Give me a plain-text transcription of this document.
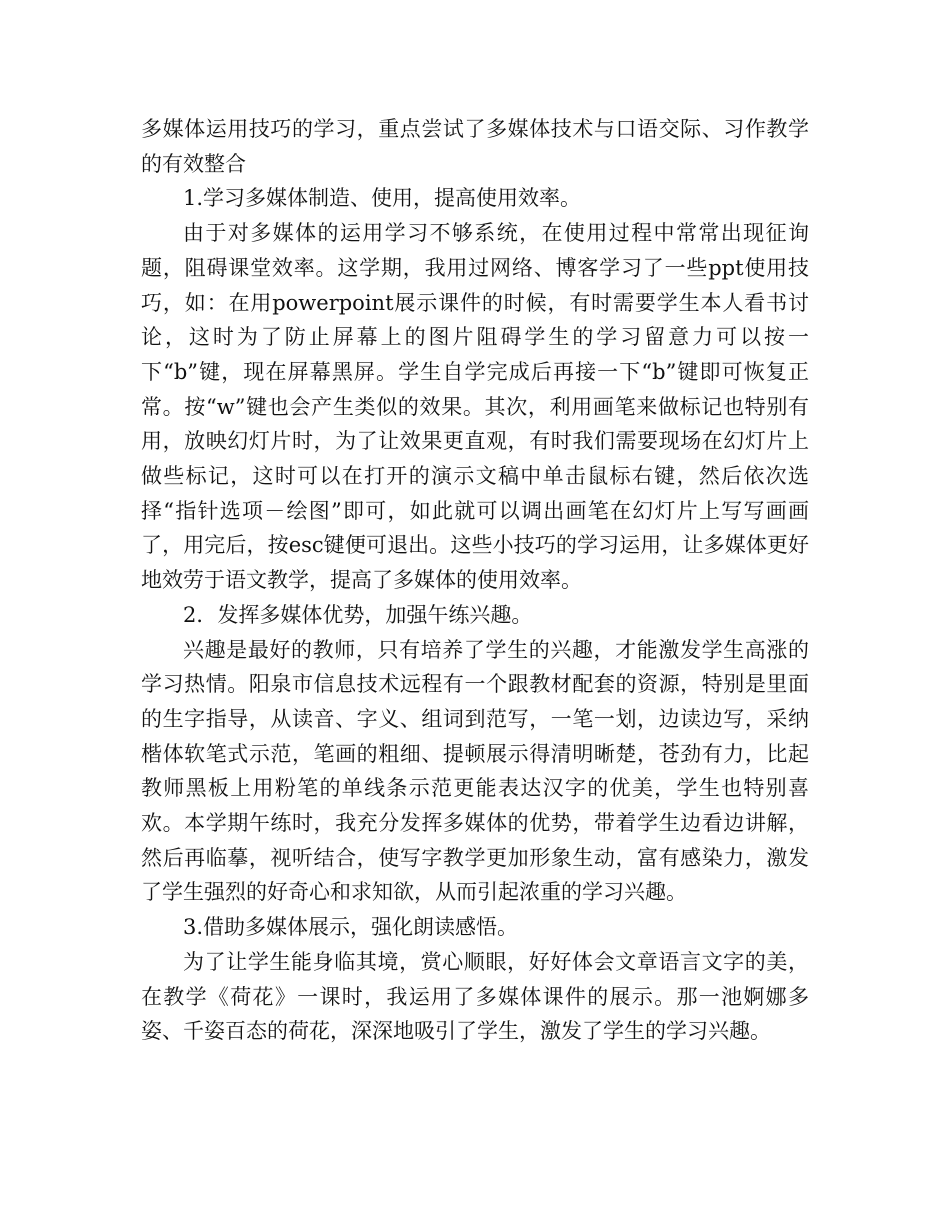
多媒体运用技巧的学习，重点尝试了多媒体技术与口语交际、习作教学的有效整合

1.学习多媒体制造、使用，提高使用效率。

由于对多媒体的运用学习不够系统，在使用过程中常常出现征询题，阻碍课堂效率。这学期，我用过网络、博客学习了一些ppt使用技巧，如：在用powerpoint展示课件的时候，有时需要学生本人看书讨论，这时为了防止屏幕上的图片阻碍学生的学习留意力可以按一下“b”键，现在屏幕黑屏。学生自学完成后再接一下“b”键即可恢复正常。按“w”键也会产生类似的效果。其次，利用画笔来做标记也特别有用，放映幻灯片时，为了让效果更直观，有时我们需要现场在幻灯片上做些标记，这时可以在打开的演示文稿中单击鼠标右键，然后依次选择“指针选项－绘图”即可，如此就可以调出画笔在幻灯片上写写画画了，用完后，按esc键便可退出。这些小技巧的学习运用，让多媒体更好地效劳于语文教学，提高了多媒体的使用效率。

2．发挥多媒体优势，加强午练兴趣。

兴趣是最好的教师，只有培养了学生的兴趣，才能激发学生高涨的学习热情。阳泉市信息技术远程有一个跟教材配套的资源，特别是里面的生字指导，从读音、字义、组词到范写，一笔一划，边读边写，采纳楷体软笔式示范，笔画的粗细、提顿展示得清明晰楚，苍劲有力，比起教师黑板上用粉笔的单线条示范更能表达汉字的优美，学生也特别喜欢。本学期午练时，我充分发挥多媒体的优势，带着学生边看边讲解，然后再临摹，视听结合，使写字教学更加形象生动，富有感染力，激发了学生强烈的好奇心和求知欲，从而引起浓重的学习兴趣。

3.借助多媒体展示，强化朗读感悟。

为了让学生能身临其境，赏心顺眼，好好体会文章语言文字的美，在教学《荷花》一课时，我运用了多媒体课件的展示。那一池婀娜多姿、千姿百态的荷花，深深地吸引了学生，激发了学生的学习兴趣。
